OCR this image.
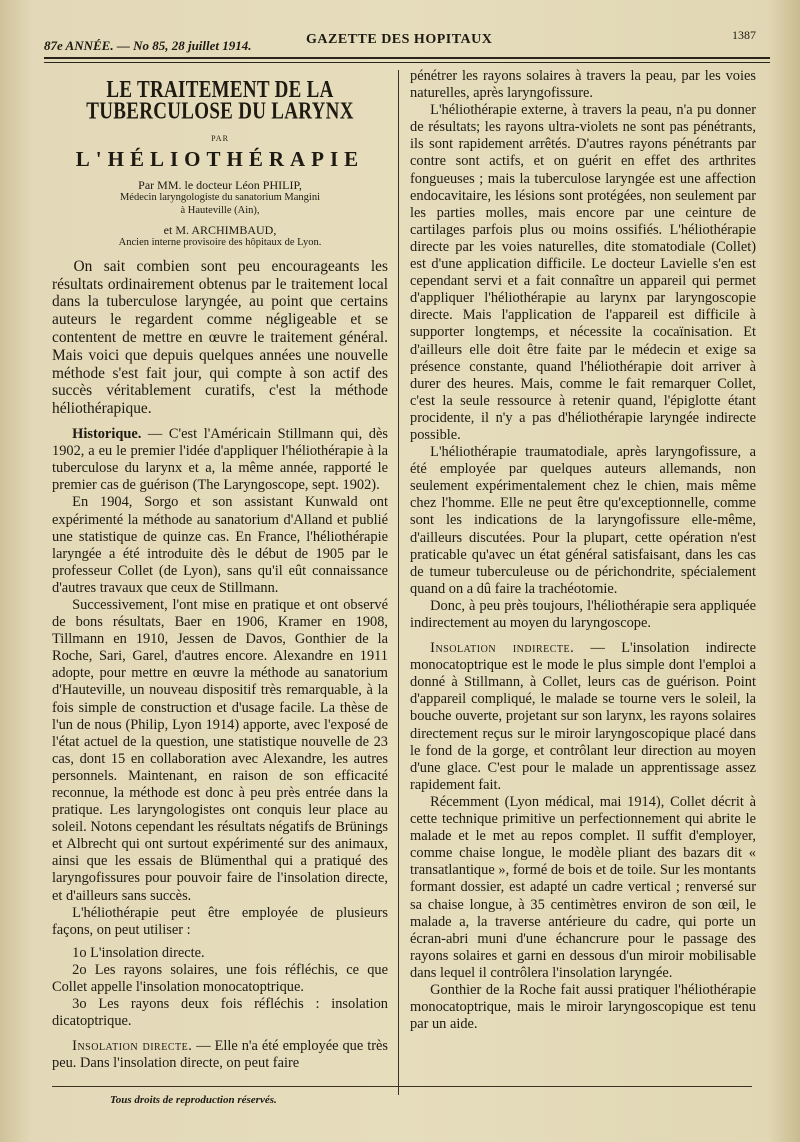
87e ANNÉE. — No 85, 28 juillet 1914.	GAZETTE DES HOPITAUX	1387
LE TRAITEMENT DE LA TUBERCULOSE DU LARYNX
PAR
L'HÉLIOTHÉRAPIE
Par MM. le docteur Léon PHILIP,
Médecin laryngologiste du sanatorium Mangini
à Hauteville (Ain),
et M. ARCHIMBAUD,
Ancien interne provisoire des hôpitaux de Lyon.

On sait combien sont peu encourageants les résultats ordinairement obtenus par le traitement local dans la tuberculose laryngée, au point que certains auteurs le regardent comme négligeable et se contentent de mettre en œuvre le traitement général. Mais voici que depuis quelques années une nouvelle méthode s'est fait jour, qui compte à son actif des succès véritablement curatifs, c'est la méthode héliothérapique.

Historique. — C'est l'Américain Stillmann qui, dès 1902, a eu le premier l'idée d'appliquer l'héliothérapie à la tuberculose du larynx et a, la même année, rapporté le premier cas de guérison (The Laryngoscope, sept. 1902).

En 1904, Sorgo et son assistant Kunwald ont expérimenté la méthode au sanatorium d'Alland et publié une statistique de quinze cas. En France, l'héliothérapie laryngée a été introduite dès le début de 1905 par le professeur Collet (de Lyon), sans qu'il eût connaissance d'autres travaux que ceux de Stillmann.

Successivement, l'ont mise en pratique et ont observé de bons résultats, Baer en 1906, Kramer en 1908, Tillmann en 1910, Jessen de Davos, Gonthier de la Roche, Sari, Garel, d'autres encore. Alexandre en 1911 adopte, pour mettre en œuvre la méthode au sanatorium d'Hauteville, un nouveau dispositif très remarquable, à la fois simple de construction et d'usage facile. La thèse de l'un de nous (Philip, Lyon 1914) apporte, avec l'exposé de l'état actuel de la question, une statistique nouvelle de 23 cas, dont 15 en collaboration avec Alexandre, les autres personnels. Maintenant, en raison de son efficacité reconnue, la méthode est donc à peu près entrée dans la pratique. Les laryngologistes ont conquis leur place au soleil. Notons cependant les résultats négatifs de Brünings et Albrecht qui ont surtout expérimenté sur des animaux, ainsi que les essais de Blümenthal qui a pratiqué des laryngofissures pour pouvoir faire de l'insolation directe, et d'ailleurs sans succès.

L'héliothérapie peut être employée de plusieurs façons, on peut utiliser :

1o L'insolation directe.

2o Les rayons solaires, une fois réfléchis, ce que Collet appelle l'insolation monocatoptrique.

3o Les rayons deux fois réfléchis : insolation dicatoptrique.

Insolation directe. — Elle n'a été employée que très peu. Dans l'insolation directe, on peut faire

pénétrer les rayons solaires à travers la peau, par les voies naturelles, après laryngofissure.

L'héliothérapie externe, à travers la peau, n'a pu donner de résultats; les rayons ultra-violets ne sont pas pénétrants, ils sont rapidement arrêtés. D'autres rayons pénétrants par contre sont actifs, et on guérit en effet des arthrites fongueuses ; mais la tuberculose laryngée est une affection endocavitaire, les lésions sont protégées, non seulement par les parties molles, mais encore par une ceinture de cartilages parfois plus ou moins ossifiés. L'héliothérapie directe par les voies naturelles, dite stomatodiale (Collet) est d'une application difficile. Le docteur Lavielle s'en est cependant servi et a fait connaître un appareil qui permet d'appliquer l'héliothérapie au larynx par laryngoscopie directe. Mais l'application de l'appareil est difficile à supporter longtemps, et nécessite la cocaïnisation. Et d'ailleurs elle doit être faite par le médecin et exige sa présence constante, quand l'héliothérapie doit arriver à durer des heures. Mais, comme le fait remarquer Collet, c'est la seule ressource à retenir quand, l'épiglotte étant procidente, il n'y a pas d'héliothérapie laryngée indirecte possible.

L'héliothérapie traumatodiale, après laryngofissure, a été employée par quelques auteurs allemands, non seulement expérimentalement chez le chien, mais même chez l'homme. Elle ne peut être qu'exceptionnelle, comme sont les indications de la laryngofissure elle-même, d'ailleurs discutées. Pour la plupart, cette opération n'est praticable qu'avec un état général satisfaisant, dans les cas de tumeur tuberculeuse ou de périchondrite, spécialement quand on a dû faire la trachéotomie.

Donc, à peu près toujours, l'héliothérapie sera appliquée indirectement au moyen du laryngoscope.

Insolation indirecte. — L'insolation indirecte monocatoptrique est le mode le plus simple dont l'emploi a donné à Stillmann, à Collet, leurs cas de guérison. Point d'appareil compliqué, le malade se tourne vers le soleil, la bouche ouverte, projetant sur son larynx, les rayons solaires directement reçus sur le miroir laryngoscopique placé dans le fond de la gorge, et contrôlant leur direction au moyen d'une glace. C'est pour le malade un apprentissage assez rapidement fait.

Récemment (Lyon médical, mai 1914), Collet décrit à cette technique primitive un perfectionnement qui abrite le malade et le met au repos complet. Il suffit d'employer, comme chaise longue, le modèle pliant des bazars dit « transatlantique », formé de bois et de toile. Sur les montants formant dossier, est adapté un cadre vertical ; renversé sur sa chaise longue, à 35 centimètres environ de son œil, le malade a, la traverse antérieure du cadre, qui porte un écran-abri muni d'une échancrure pour le passage des rayons solaires et garni en dessous d'un miroir mobilisable dans lequel il contrôlera l'insolation laryngée.

Gonthier de la Roche fait aussi pratiquer l'héliothérapie monocatoptrique, mais le miroir laryngoscopique est tenu par un aide.

Tous droits de reproduction réservés.
